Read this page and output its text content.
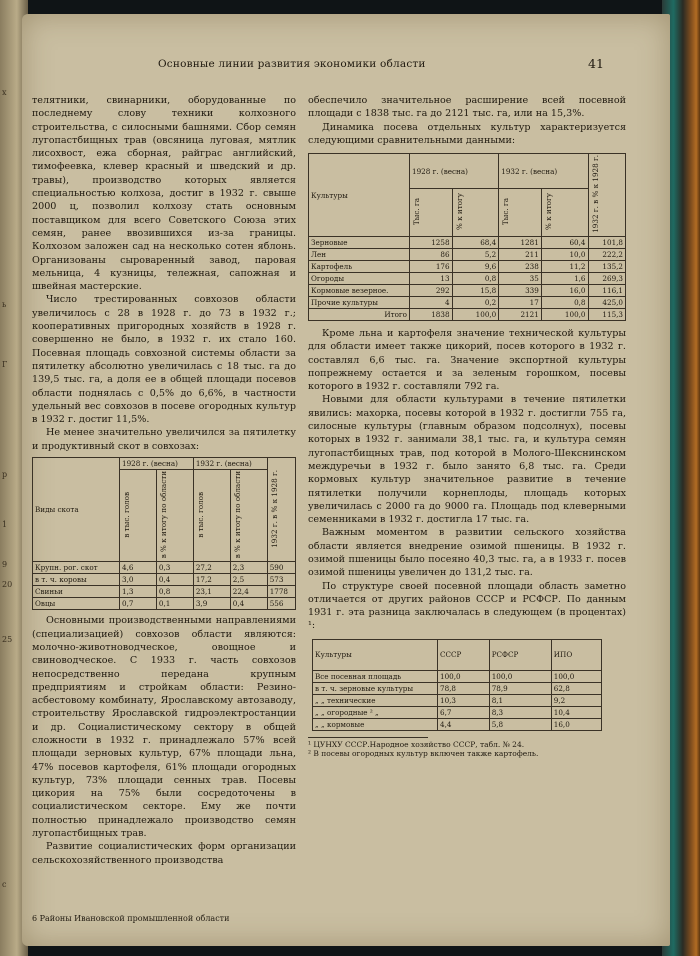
х
ь
Г
р
1
9
20
25
с
Основные линии развития экономики области	41

телятники, свинарники, оборудованные по последнему слову техники колхозного строительства, с силосными башнями. Сбор семян лугопастбищных трав (овсяница луговая, мятлик лисохвост, ежа сборная, райграс английский, тимофеевка, клевер красный и шведский и др. травы), производство которых является специальностью колхоза, достиг в 1932 г. свыше 2000 ц, позволил колхозу стать основным поставщиком для всего Советского Союза этих семян, ранее ввозившихся из-за границы. Колхозом заложен сад на несколько сотен яблонь. Организованы сыроваренный завод, паровая мельница, 4 кузницы, тележная, сапожная и швейная мастерские.

Число трестированных совхозов области увеличилось с 28 в 1928 г. до 73 в 1932 г.; кооперативных пригородных хозяйств в 1928 г. совершенно не было, в 1932 г. их стало 160. Посевная площадь совхозной системы области за пятилетку абсолютно увеличилась с 18 тыс. га до 139,5 тыс. га, а доля ее в общей площади посевов области поднялась с 0,5% до 6,6%, в частности удельный вес совхозов в посеве огородных культур в 1932 г. достиг 11,5%.

Не менее значительно увеличился за пятилетку и продуктивный скот в совхозах:

Виды скота	1928 г. (весна)		1932 г. (весна)		1932 г. в % к 1928 г.
	в тыс. голов	в % к итогу по области	в тыс. голов	в % к итогу по области	
Крупн. рог. скот	4,6	0,3	27,2	2,3	590
в т. ч. коровы	3,0	0,4	17,2	2,5	573
Свиньи	1,3	0,8	23,1	22,4	1778
Овцы	0,7	0,1	3,9	0,4	556

Основными производственными направлениями (специализацией) совхозов области являются: молочно-животноводческое, овощное и свиноводческое. С 1933 г. часть совхозов непосредственно передана крупным предприятиям и стройкам области: Резино-асбестовому комбинату, Ярославскому автозаводу, строительству Ярославской гидроэлектростанции и др. Социалистическому сектору в общей сложности в 1932 г. принадлежало 57% всей площади зерновых культур, 67% площади льна, 47% посевов картофеля, 61% площади огородных культур, 73% площади сенных трав. Посевы цикория на 75% были сосредоточены в социалистическом секторе. Ему же почти полностью принадлежало производство семян лугопастбищных трав.

Развитие социалистических форм организации сельскохозяйственного производства

обеспечило значительное расширение всей посевной площади с 1838 тыс. га до 2121 тыс. га, или на 15,3%.

Динамика посева отдельных культур характеризуется следующими сравнительными данными:

Культуры	1928 г. (весна)		1932 г. (весна)		1932 г. в % к 1928 г.
	Тыс. га	% к итогу	Тыс. га	% к итогу	
Зерновые	1258	68,4	1281	60,4	101,8
Лен	86	5,2	211	10,0	222,2
Картофель	176	9,6	238	11,2	135,2
Огороды	13	0,8	35	1,6	269,3
Кормовые везерное.	292	15,8	339	16,0	116,1
Прочие культуры	4	0,2	17	0,8	425,0
Итого	1838	100,0	2121	100,0	115,3

Кроме льна и картофеля значение технической культуры для области имеет также цикорий, посев которого в 1932 г. составлял 6,6 тыс. га. Значение экспортной культуры попрежнему остается и за зеленым горошком, посевы которого в 1932 г. составляли 792 га.

Новыми для области культурами в течение пятилетки явились: махорка, посевы которой в 1932 г. достигли 755 га, силосные культуры (главным образом подсолнух), посевы которых в 1932 г. занимали 38,1 тыс. га, и культура семян лугопастбищных трав, под которой в Молого-Шекснинском междуречьи в 1932 г. было занято 6,8 тыс. га. Среди кормовых культур значительное развитие в течение пятилетки получили корнеплоды, площадь которых увеличилась с 2000 га до 9000 га. Площадь под клеверными семенниками в 1932 г. достигла 17 тыс. га.

Важным моментом в развитии сельского хозяйства области является внедрение озимой пшеницы. В 1932 г. озимой пшеницы было посеяно 40,3 тыс. га, а в 1933 г. посев озимой пшеницы увеличен до 131,2 тыс. га.

По структуре своей посевной площади область заметно отличается от других районов СССР и РСФСР. По данным 1931 г. эта разница заключалась в следующем (в процентах) ¹:

Культуры	СССР	РСФСР	ИПО
Все посевная площадь	100,0	100,0	100,0
в т. ч. зерновые культуры	78,8	78,9	62,8
„ „ технические	10,3	8,1	9,2
„ „ огородные ² „	6,7	8,3	10,4
„ „ кормовые	4,4	5,8	16,0
¹ ЦУНХУ СССР.Народное хозяйство СССР, табл. № 24.
² В посевы огородных культур включен также картофель.
6 Районы Ивановской промышленной области
